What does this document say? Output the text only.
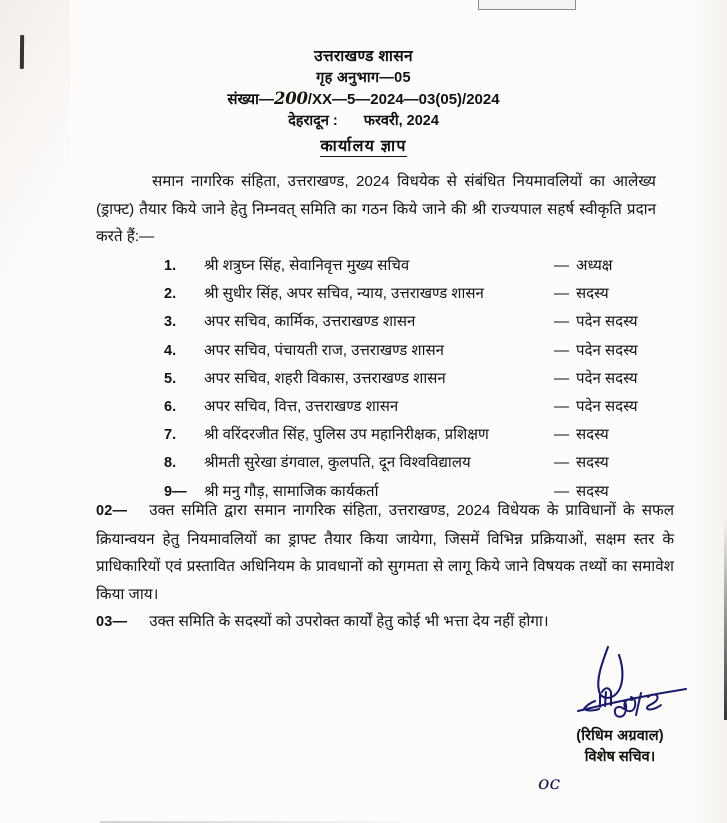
उत्तराखण्ड शासन
गृह अनुभाग—05
संख्या—200/XX—5—2024—03(05)/2024
देहरादून : फरवरी, 2024
कार्यालय ज्ञाप
समान नागरिक संहिता, उत्तराखण्ड, 2024 विधयेक से संबंधित नियमावलियों का आलेख्य (ड्राफ्ट) तैयार किये जाने हेतु निम्नवत् समिति का गठन किये जाने की श्री राज्यपाल सहर्ष स्वीकृति प्रदान करते हैं:—
1.	श्री शत्रुघ्न सिंह, सेवानिवृत्त मुख्य सचिव	— अध्यक्ष
2.	श्री सुधीर सिंह, अपर सचिव, न्याय, उत्तराखण्ड शासन	— सदस्य
3.	अपर सचिव, कार्मिक, उत्तराखण्ड शासन	— पदेन सदस्य
4.	अपर सचिव, पंचायती राज, उत्तराखण्ड शासन	— पदेन सदस्य
5.	अपर सचिव, शहरी विकास, उत्तराखण्ड शासन	— पदेन सदस्य
6.	अपर सचिव, वित्त, उत्तराखण्ड शासन	— पदेन सदस्य
7.	श्री वरिंदरजीत सिंह, पुलिस उप महानिरीक्षक, प्रशिक्षण	— सदस्य
8.	श्रीमती सुरेखा डंगवाल, कुलपति, दून विश्वविद्यालय	— सदस्य
9—	श्री मनु गौड़, सामाजिक कार्यकर्ता	— सदस्य
02— उक्त समिति द्वारा समान नागरिक संहिता, उत्तराखण्ड, 2024 विधेयक के प्राविधानों के सफल क्रियान्वयन हेतु नियमावलियों का ड्राफ्ट तैयार किया जायेगा, जिसमें विभिन्न प्रक्रियाओं, सक्षम स्तर के प्राधिकारियों एवं प्रस्तावित अधिनियम के प्रावधानों को सुगमता से लागू किये जाने विषयक तथ्यों का समावेश किया जाय।
03— उक्त समिति के सदस्यों को उपरोक्त कार्यों हेतु कोई भी भत्ता देय नहीं होगा।
(रिधिम अग्रवाल)
विशेष सचिव।
ᴏᴄ
